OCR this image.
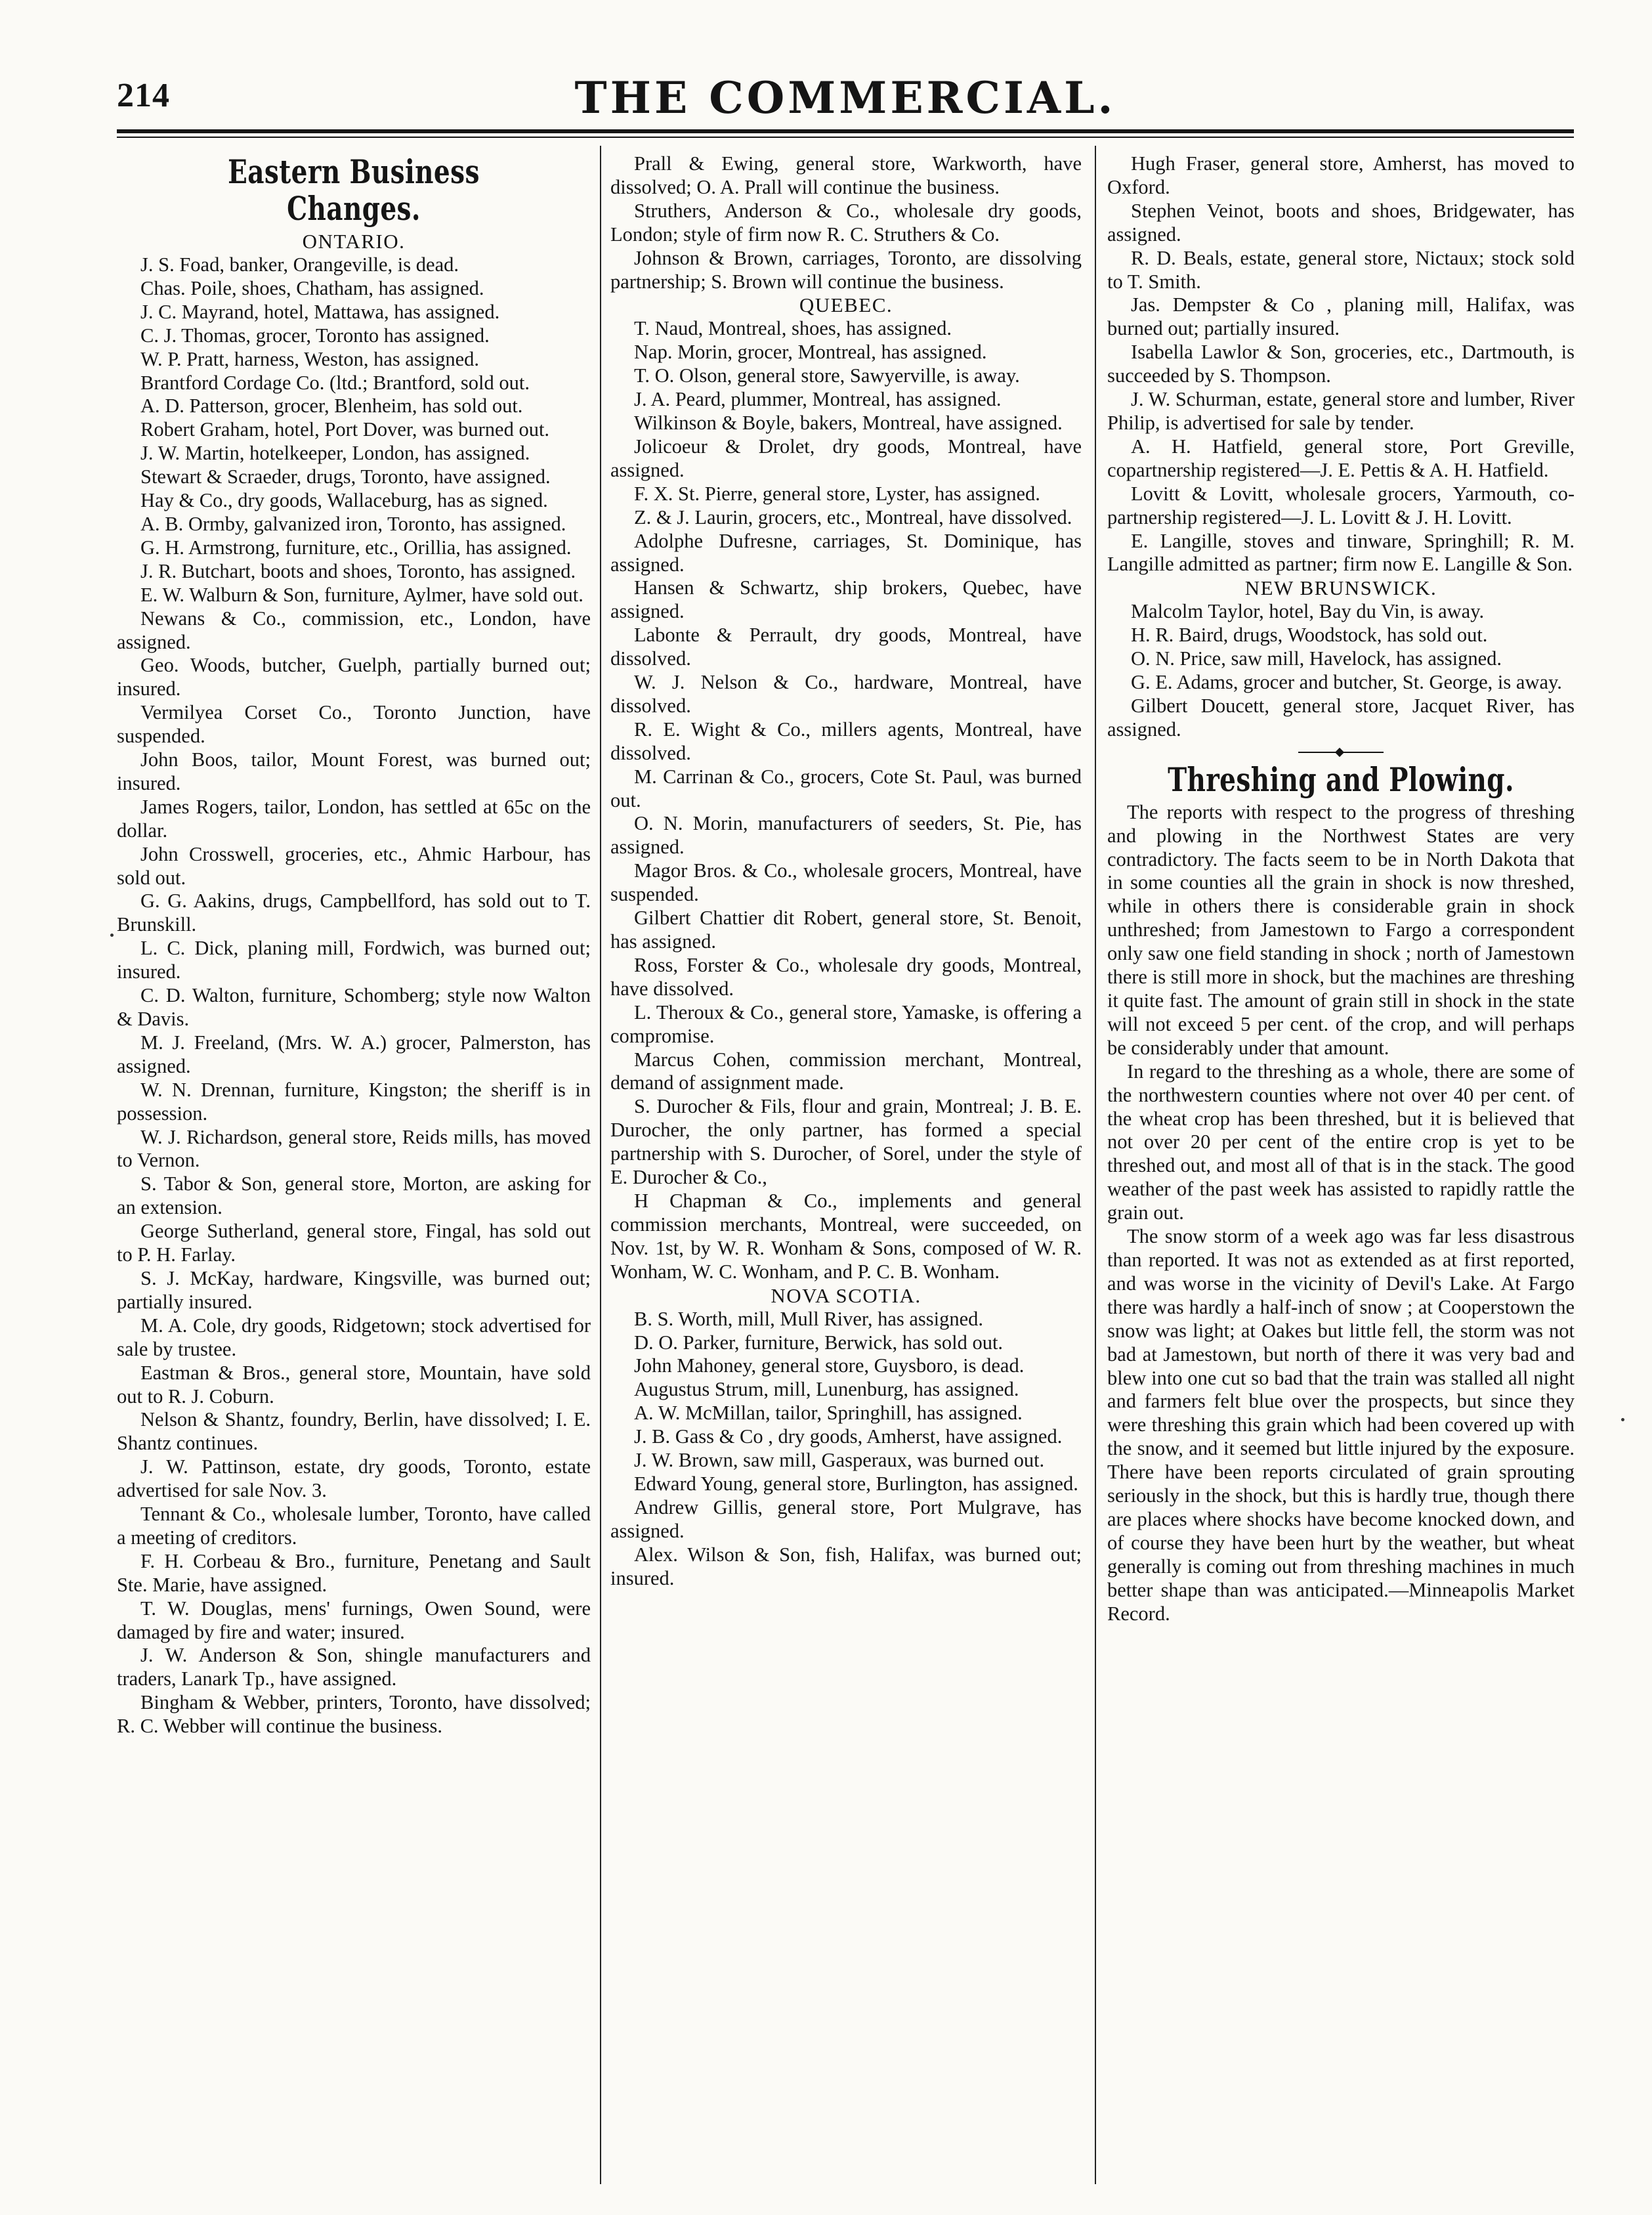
214	THE COMMERCIAL.
Eastern Business Changes.
ONTARIO.

J. S. Foad, banker, Orangeville, is dead.

Chas. Poile, shoes, Chatham, has assigned.

J. C. Mayrand, hotel, Mattawa, has assigned.

C. J. Thomas, grocer, Toronto has assigned.

W. P. Pratt, harness, Weston, has assigned.

Brantford Cordage Co. (ltd.; Brantford, sold out.

A. D. Patterson, grocer, Blenheim, has sold out.

Robert Graham, hotel, Port Dover, was burned out.

J. W. Martin, hotelkeeper, London, has assigned.

Stewart & Scraeder, drugs, Toronto, have assigned.

Hay & Co., dry goods, Wallaceburg, has as signed.

A. B. Ormby, galvanized iron, Toronto, has assigned.

G. H. Armstrong, furniture, etc., Orillia, has assigned.

J. R. Butchart, boots and shoes, Toronto, has assigned.

E. W. Walburn & Son, furniture, Aylmer, have sold out.

Newans & Co., commission, etc., London, have assigned.

Geo. Woods, butcher, Guelph, partially burned out; insured.

Vermilyea Corset Co., Toronto Junction, have suspended.

John Boos, tailor, Mount Forest, was burned out; insured.

James Rogers, tailor, London, has settled at 65c on the dollar.

John Crosswell, groceries, etc., Ahmic Harbour, has sold out.

G. G. Aakins, drugs, Campbellford, has sold out to T. Brunskill.

L. C. Dick, planing mill, Fordwich, was burned out; insured.

C. D. Walton, furniture, Schomberg; style now Walton & Davis.

M. J. Freeland, (Mrs. W. A.) grocer, Palmerston, has assigned.

W. N. Drennan, furniture, Kingston; the sheriff is in possession.

W. J. Richardson, general store, Reids mills, has moved to Vernon.

S. Tabor & Son, general store, Morton, are asking for an extension.

George Sutherland, general store, Fingal, has sold out to P. H. Farlay.

S. J. McKay, hardware, Kingsville, was burned out; partially insured.

M. A. Cole, dry goods, Ridgetown; stock advertised for sale by trustee.

Eastman & Bros., general store, Mountain, have sold out to R. J. Coburn.

Nelson & Shantz, foundry, Berlin, have dissolved; I. E. Shantz continues.

J. W. Pattinson, estate, dry goods, Toronto, estate advertised for sale Nov. 3.

Tennant & Co., wholesale lumber, Toronto, have called a meeting of creditors.

F. H. Corbeau & Bro., furniture, Penetang and Sault Ste. Marie, have assigned.

T. W. Douglas, mens' furnings, Owen Sound, were damaged by fire and water; insured.

J. W. Anderson & Son, shingle manufacturers and traders, Lanark Tp., have assigned.

Bingham & Webber, printers, Toronto, have dissolved; R. C. Webber will continue the business.

Prall & Ewing, general store, Warkworth, have dissolved; O. A. Prall will continue the business.

Struthers, Anderson & Co., wholesale dry goods, London; style of firm now R. C. Struthers & Co.

Johnson & Brown, carriages, Toronto, are dissolving partnership; S. Brown will continue the business.

QUEBEC.

T. Naud, Montreal, shoes, has assigned.

Nap. Morin, grocer, Montreal, has assigned.

T. O. Olson, general store, Sawyerville, is away.

J. A. Peard, plummer, Montreal, has assigned.

Wilkinson & Boyle, bakers, Montreal, have assigned.

Jolicoeur & Drolet, dry goods, Montreal, have assigned.

F. X. St. Pierre, general store, Lyster, has assigned.

Z. & J. Laurin, grocers, etc., Montreal, have dissolved.

Adolphe Dufresne, carriages, St. Dominique, has assigned.

Hansen & Schwartz, ship brokers, Quebec, have assigned.

Labonte & Perrault, dry goods, Montreal, have dissolved.

W. J. Nelson & Co., hardware, Montreal, have dissolved.

R. E. Wight & Co., millers agents, Montreal, have dissolved.

M. Carrinan & Co., grocers, Cote St. Paul, was burned out.

O. N. Morin, manufacturers of seeders, St. Pie, has assigned.

Magor Bros. & Co., wholesale grocers, Montreal, have suspended.

Gilbert Chattier dit Robert, general store, St. Benoit, has assigned.

Ross, Forster & Co., wholesale dry goods, Montreal, have dissolved.

L. Theroux & Co., general store, Yamaske, is offering a compromise.

Marcus Cohen, commission merchant, Montreal, demand of assignment made.

S. Durocher & Fils, flour and grain, Montreal; J. B. E. Durocher, the only partner, has formed a special partnership with S. Durocher, of Sorel, under the style of E. Durocher & Co.,

H Chapman & Co., implements and general commission merchants, Montreal, were succeeded, on Nov. 1st, by W. R. Wonham & Sons, composed of W. R. Wonham, W. C. Wonham, and P. C. B. Wonham.

NOVA SCOTIA.

B. S. Worth, mill, Mull River, has assigned.

D. O. Parker, furniture, Berwick, has sold out.

John Mahoney, general store, Guysboro, is dead.

Augustus Strum, mill, Lunenburg, has assigned.

A. W. McMillan, tailor, Springhill, has assigned.

J. B. Gass & Co , dry goods, Amherst, have assigned.

J. W. Brown, saw mill, Gasperaux, was burned out.

Edward Young, general store, Burlington, has assigned.

Andrew Gillis, general store, Port Mulgrave, has assigned.

Alex. Wilson & Son, fish, Halifax, was burned out; insured.

Hugh Fraser, general store, Amherst, has moved to Oxford.

Stephen Veinot, boots and shoes, Bridgewater, has assigned.

R. D. Beals, estate, general store, Nictaux; stock sold to T. Smith.

Jas. Dempster & Co , planing mill, Halifax, was burned out; partially insured.

Isabella Lawlor & Son, groceries, etc., Dartmouth, is succeeded by S. Thompson.

J. W. Schurman, estate, general store and lumber, River Philip, is advertised for sale by tender.

A. H. Hatfield, general store, Port Greville, copartnership registered—J. E. Pettis & A. H. Hatfield.

Lovitt & Lovitt, wholesale grocers, Yarmouth, co-partnership registered—J. L. Lovitt & J. H. Lovitt.

E. Langille, stoves and tinware, Springhill; R. M. Langille admitted as partner; firm now E. Langille & Son.

NEW BRUNSWICK.

Malcolm Taylor, hotel, Bay du Vin, is away.

H. R. Baird, drugs, Woodstock, has sold out.

O. N. Price, saw mill, Havelock, has assigned.

G. E. Adams, grocer and butcher, St. George, is away.

Gilbert Doucett, general store, Jacquet River, has assigned.

Threshing and Plowing.

The reports with respect to the progress of threshing and plowing in the Northwest States are very contradictory. The facts seem to be in North Dakota that in some counties all the grain in shock is now threshed, while in others there is considerable grain in shock unthreshed; from Jamestown to Fargo a correspondent only saw one field standing in shock ; north of Jamestown there is still more in shock, but the machines are threshing it quite fast. The amount of grain still in shock in the state will not exceed 5 per cent. of the crop, and will perhaps be considerably under that amount.

In regard to the threshing as a whole, there are some of the northwestern counties where not over 40 per cent. of the wheat crop has been threshed, but it is believed that not over 20 per cent of the entire crop is yet to be threshed out, and most all of that is in the stack. The good weather of the past week has assisted to rapidly rattle the grain out.

The snow storm of a week ago was far less disastrous than reported. It was not as extended as at first reported, and was worse in the vicinity of Devil's Lake. At Fargo there was hardly a half-inch of snow ; at Cooperstown the snow was light; at Oakes but little fell, the storm was not bad at Jamestown, but north of there it was very bad and blew into one cut so bad that the train was stalled all night and farmers felt blue over the prospects, but since they were threshing this grain which had been covered up with the snow, and it seemed but little injured by the exposure. There have been reports circulated of grain sprouting seriously in the shock, but this is hardly true, though there are places where shocks have become knocked down, and of course they have been hurt by the weather, but wheat generally is coming out from threshing machines in much better shape than was anticipated.—Minneapolis Market Record.
